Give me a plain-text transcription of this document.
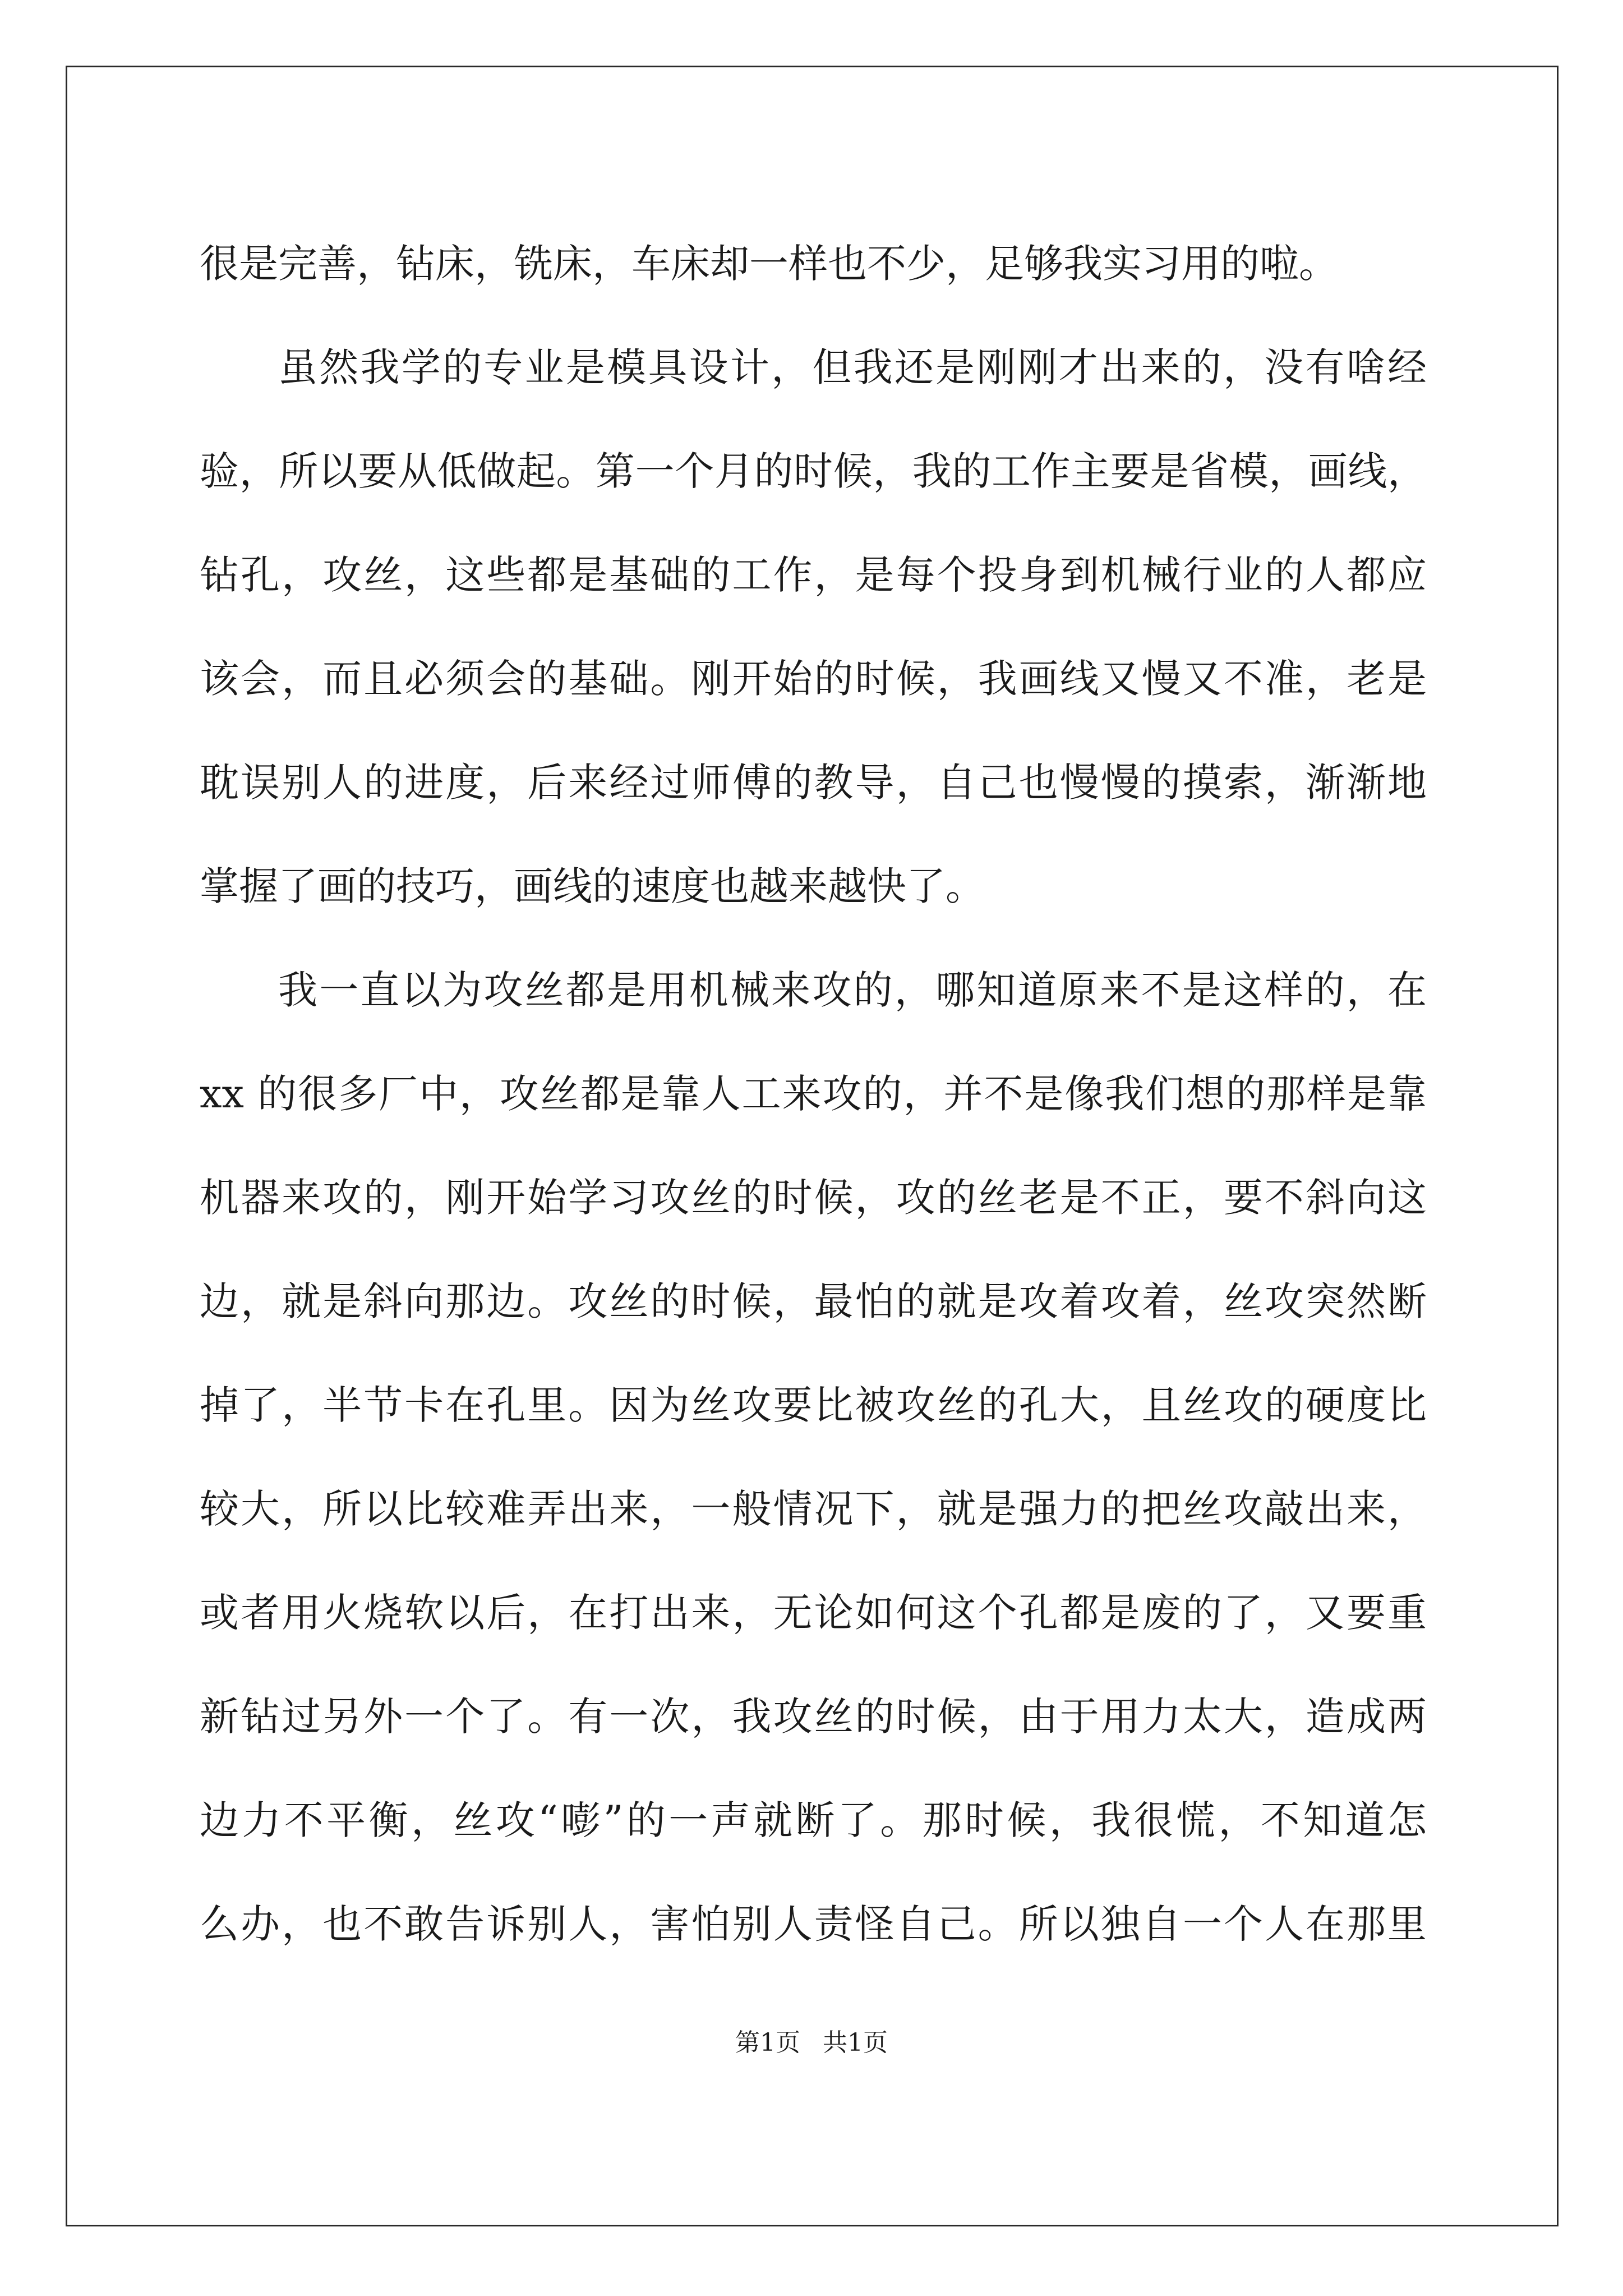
很是完善，钻床，铣床，车床却一样也不少，足够我实习用的啦。
虽然我学的专业是模具设计，但我还是刚刚才出来的，没有啥经
验，所以要从低做起。第一个月的时候，我的工作主要是省模，画线，
钻孔，攻丝，这些都是基础的工作，是每个投身到机械行业的人都应
该会，而且必须会的基础。刚开始的时候，我画线又慢又不准，老是
耽误别人的进度，后来经过师傅的教导，自己也慢慢的摸索，渐渐地
掌握了画的技巧，画线的速度也越来越快了。
我一直以为攻丝都是用机械来攻的，哪知道原来不是这样的，在
xx 的很多厂中，攻丝都是靠人工来攻的，并不是像我们想的那样是靠
机器来攻的，刚开始学习攻丝的时候，攻的丝老是不正，要不斜向这
边，就是斜向那边。攻丝的时候，最怕的就是攻着攻着，丝攻突然断
掉了，半节卡在孔里。因为丝攻要比被攻丝的孔大，且丝攻的硬度比
较大，所以比较难弄出来，一般情况下，就是强力的把丝攻敲出来，
或者用火烧软以后，在打出来，无论如何这个孔都是废的了，又要重
新钻过另外一个了。有一次，我攻丝的时候，由于用力太大，造成两
边力不平衡，丝攻“嘭”的一声就断了。那时候，我很慌，不知道怎
么办，也不敢告诉别人，害怕别人责怪自己。所以独自一个人在那里
第1页 共1页
